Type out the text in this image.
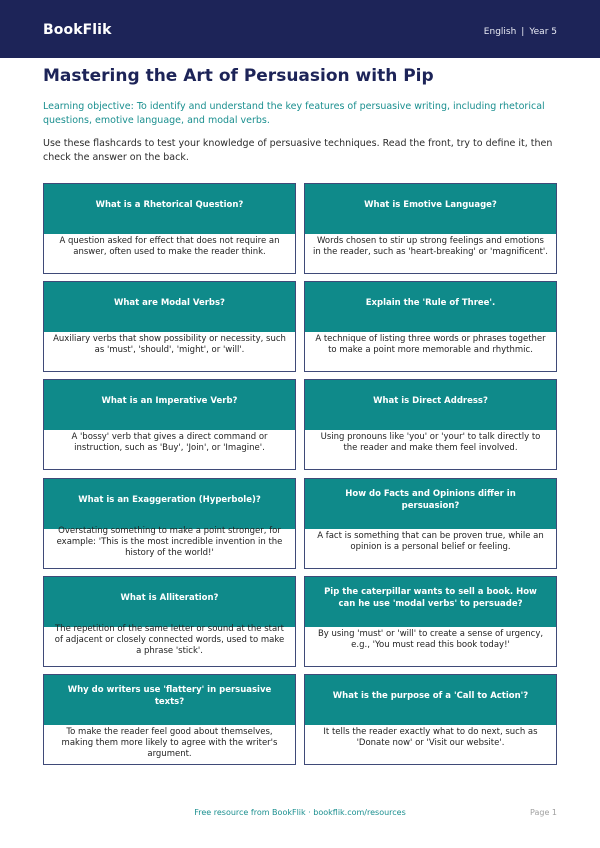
BookFlik	English | Year 5
Mastering the Art of Persuasion with Pip
Learning objective: To identify and understand the key features of persuasive writing, including rhetorical questions, emotive language, and modal verbs.
Use these flashcards to test your knowledge of persuasive techniques. Read the front, try to define it, then check the answer on the back.
What is a Rhetorical Question?
A question asked for effect that does not require an answer, often used to make the reader think.
What is Emotive Language?
Words chosen to stir up strong feelings and emotions in the reader, such as 'heart-breaking' or 'magnificent'.
What are Modal Verbs?
Auxiliary verbs that show possibility or necessity, such as 'must', 'should', 'might', or 'will'.
Explain the 'Rule of Three'.
A technique of listing three words or phrases together to make a point more memorable and rhythmic.
What is an Imperative Verb?
A 'bossy' verb that gives a direct command or instruction, such as 'Buy', 'Join', or 'Imagine'.
What is Direct Address?
Using pronouns like 'you' or 'your' to talk directly to the reader and make them feel involved.
What is an Exaggeration (Hyperbole)?
Overstating something to make a point stronger, for example: 'This is the most incredible invention in the history of the world!'
How do Facts and Opinions differ in persuasion?
A fact is something that can be proven true, while an opinion is a personal belief or feeling.
What is Alliteration?
The repetition of the same letter or sound at the start of adjacent or closely connected words, used to make a phrase 'stick'.
Pip the caterpillar wants to sell a book. How can he use 'modal verbs' to persuade?
By using 'must' or 'will' to create a sense of urgency, e.g., 'You must read this book today!'
Why do writers use 'flattery' in persuasive texts?
To make the reader feel good about themselves, making them more likely to agree with the writer's argument.
What is the purpose of a 'Call to Action'?
It tells the reader exactly what to do next, such as 'Donate now' or 'Visit our website'.
Free resource from BookFlik · bookflik.com/resources	Page 1
